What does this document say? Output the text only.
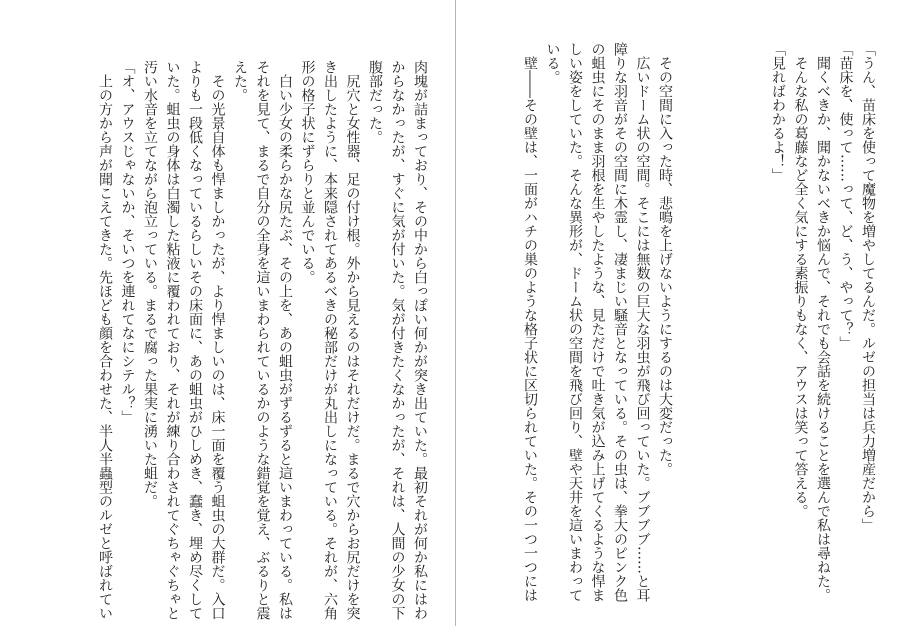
肉塊が詰まっており、その中から白っぽい何かが突き出ていた。最初それが何か私にはわ
からなかったが、すぐに気が付いた。気が付きたくなかったが、それは、人間の少女の下
腹部だった。
尻穴と女性器、足の付け根。外から見えるのはそれだけだ。まるで穴からお尻だけを突
き出したように、本来隠されてあるべきの秘部だけが丸出しになっている。それが、六角
形の格子状にずらりと並んでいる。
白い少女の柔らかな尻たぶ、その上を、あの蛆虫がずるずると這いまわっている。私は
それを見て、まるで自分の全身を這いまわられているかのような錯覚を覚え、ぶるりと震
えた。
その光景自体も悍ましかったが、より悍ましいのは、床一面を覆う蛆虫の大群だ。入口
よりも一段低くなっているらしいその床面に、あの蛆虫がひしめき、蠢き、埋め尽くして
いた。蛆虫の身体は白濁した粘液に覆われており、それが練り合わされてぐちゃぐちゃと
汚い水音を立てながら泡立っている。まるで腐った果実に湧いた蛆だ。
「オ、アウスじゃないか、そいつを連れてなにシテル？」
上の方から声が聞こえてきた。先ほども顔を合わせた、半人半蟲型のルゼと呼ばれてい	「うん、苗床を使って魔物を増やしてるんだ。ルゼの担当は兵力増産だから」
「苗床を、使って……って、ど、う、やって？」
聞くべきか、聞かないべきか悩んで、それでも会話を続けることを選んで私は尋ねた。
そんな私の葛藤など全く気にする素振りもなく、アウスは笑って答える。
「見ればわかるよ！」
その空間に入った時、悲鳴を上げないようにするのは大変だった。
広いドーム状の空間。そこには無数の巨大な羽虫が飛び回っていた。ブブブブ……と耳
障りな羽音がその空間に木霊し、凄まじい騒音となっている。その虫は、拳大のピンク色
の蛆虫にそのまま羽根を生やしたような、見ただけで吐き気が込み上げてくるような悍ま
しい姿をしていた。そんな異形が、ドーム状の空間を飛び回り、壁や天井を這いまわって
いる。
壁――その壁は、一面がハチの巣のような格子状に区切られていた。その一つ一つには
